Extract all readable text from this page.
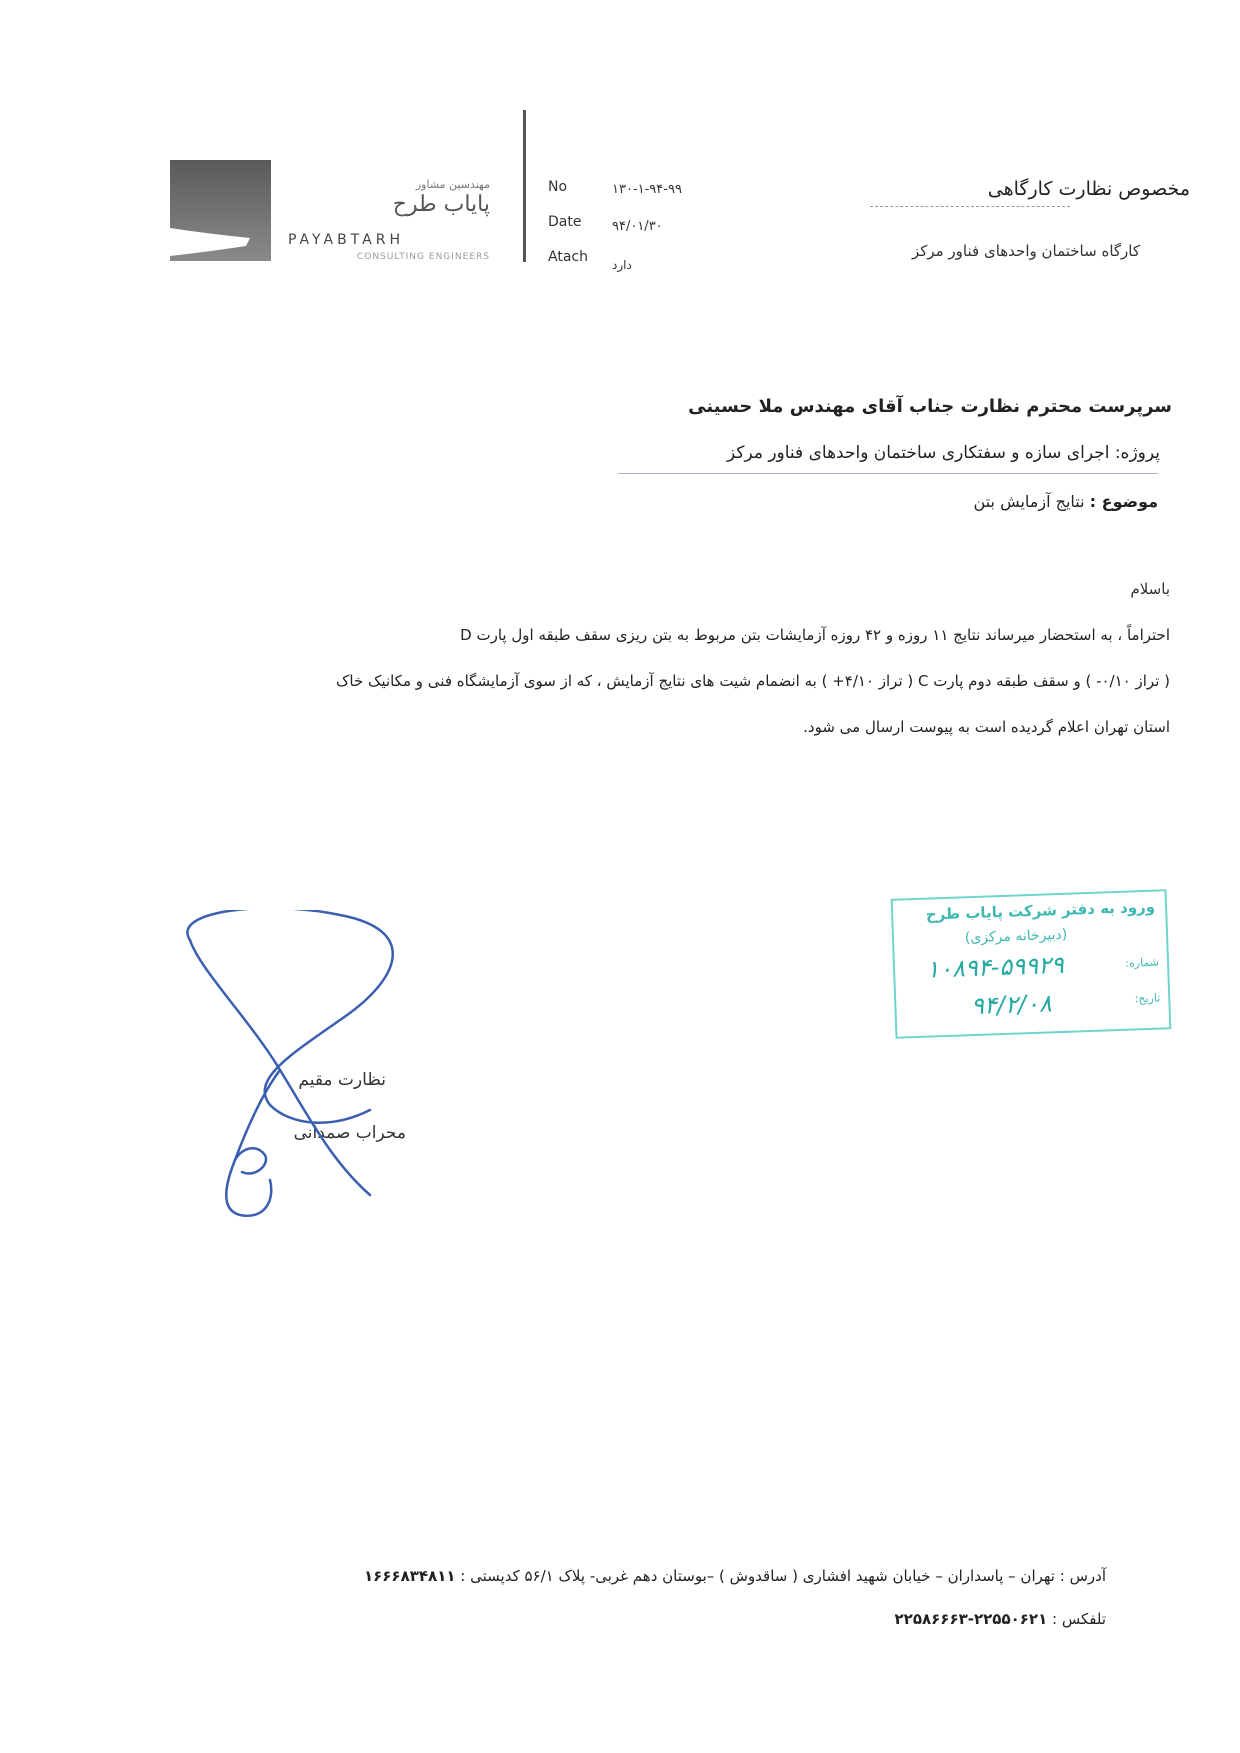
مهندسین مشاور
پایاب طرح
PAYABTARH
CONSULTING ENGINEERS
No	۱۳۰-۱-۹۴-۹۹
Date	۹۴/۰۱/۳۰
Atach	دارد
مخصوص نظارت کارگاهی
کارگاه ساختمان واحدهای فناور مرکز
سرپرست محترم نظارت جناب آقای مهندس ملا حسینی
پروژه: اجرای سازه و سفتکاری ساختمان واحدهای فناور مرکز
موضوع : نتایج آزمایش بتن
باسلام
احتراماً ، به استحضار میرساند نتایج ۱۱ روزه و ۴۲ روزه آزمایشات بتن مربوط به بتن ریزی سقف طبقه اول پارت D
( تراز ۰/۱۰- ) و سقف طبقه دوم پارت C ( تراز ۴/۱۰+ ) به انضمام شیت های نتایج آزمایش ، که از سوی آزمایشگاه فنی و مکانیک خاک
استان تهران اعلام گردیده است به پیوست ارسال می شود.
ورود به دفتر شرکت پایاب طرح
(دبیرخانه مرکزی)
شماره:
۱۰۸۹۴-۵۹۹۲۹
تاریخ:
۹۴/۲/۰۸
نظارت مقیم
محراب صمدانی
آدرس : تهران – پاسداران – خیابان شهید افشاری ( ساقدوش ) –بوستان دهم غربی- پلاک ۵۶/۱ کدپستی : ۱۶۶۶۸۳۴۸۱۱
تلفکس : ۲۲۵۵۰۶۲۱-۲۲۵۸۶۶۶۳
